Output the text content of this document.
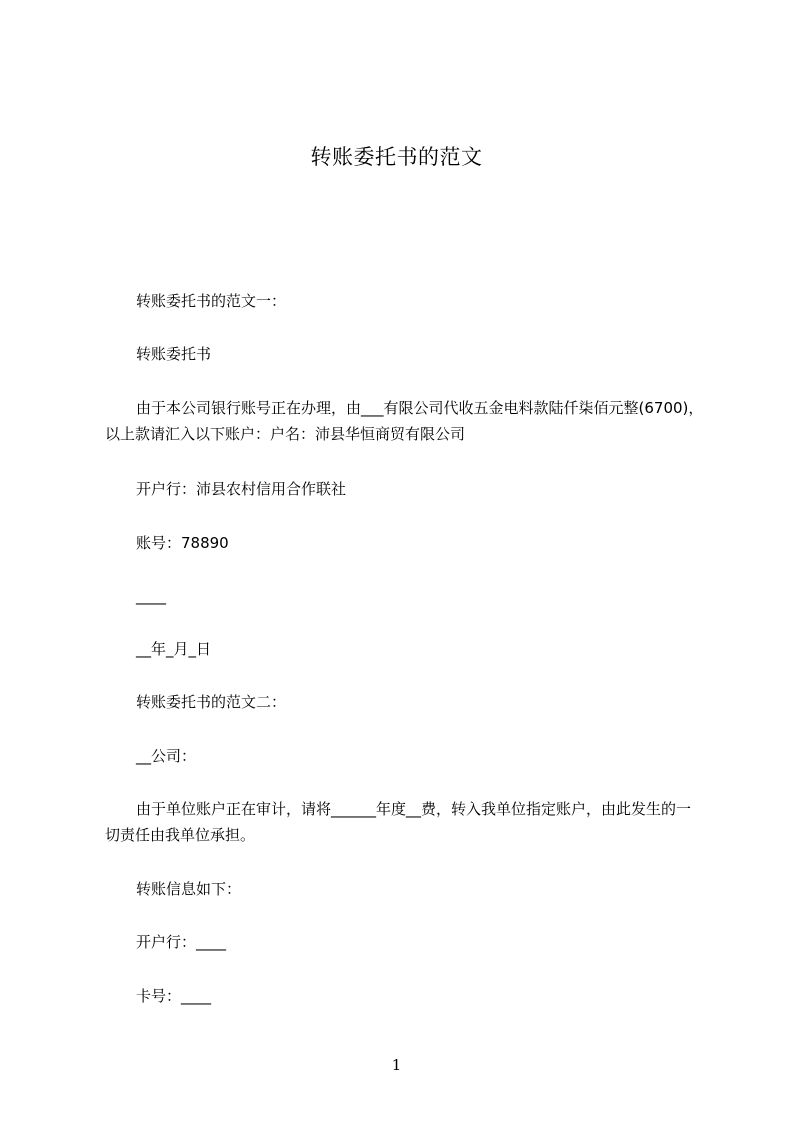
转账委托书的范文
转账委托书的范文一：
转账委托书
由于本公司银行账号正在办理，由___有限公司代收五金电料款陆仟柒佰元整(6700)，以上款请汇入以下账户：户名：沛县华恒商贸有限公司
开户行：沛县农村信用合作联社
账号：78890
____
__年_月_日
转账委托书的范文二：
__公司：
由于单位账户正在审计，请将______年度__费，转入我单位指定账户，由此发生的一切责任由我单位承担。
转账信息如下：
开户行：____
卡号：____
1
